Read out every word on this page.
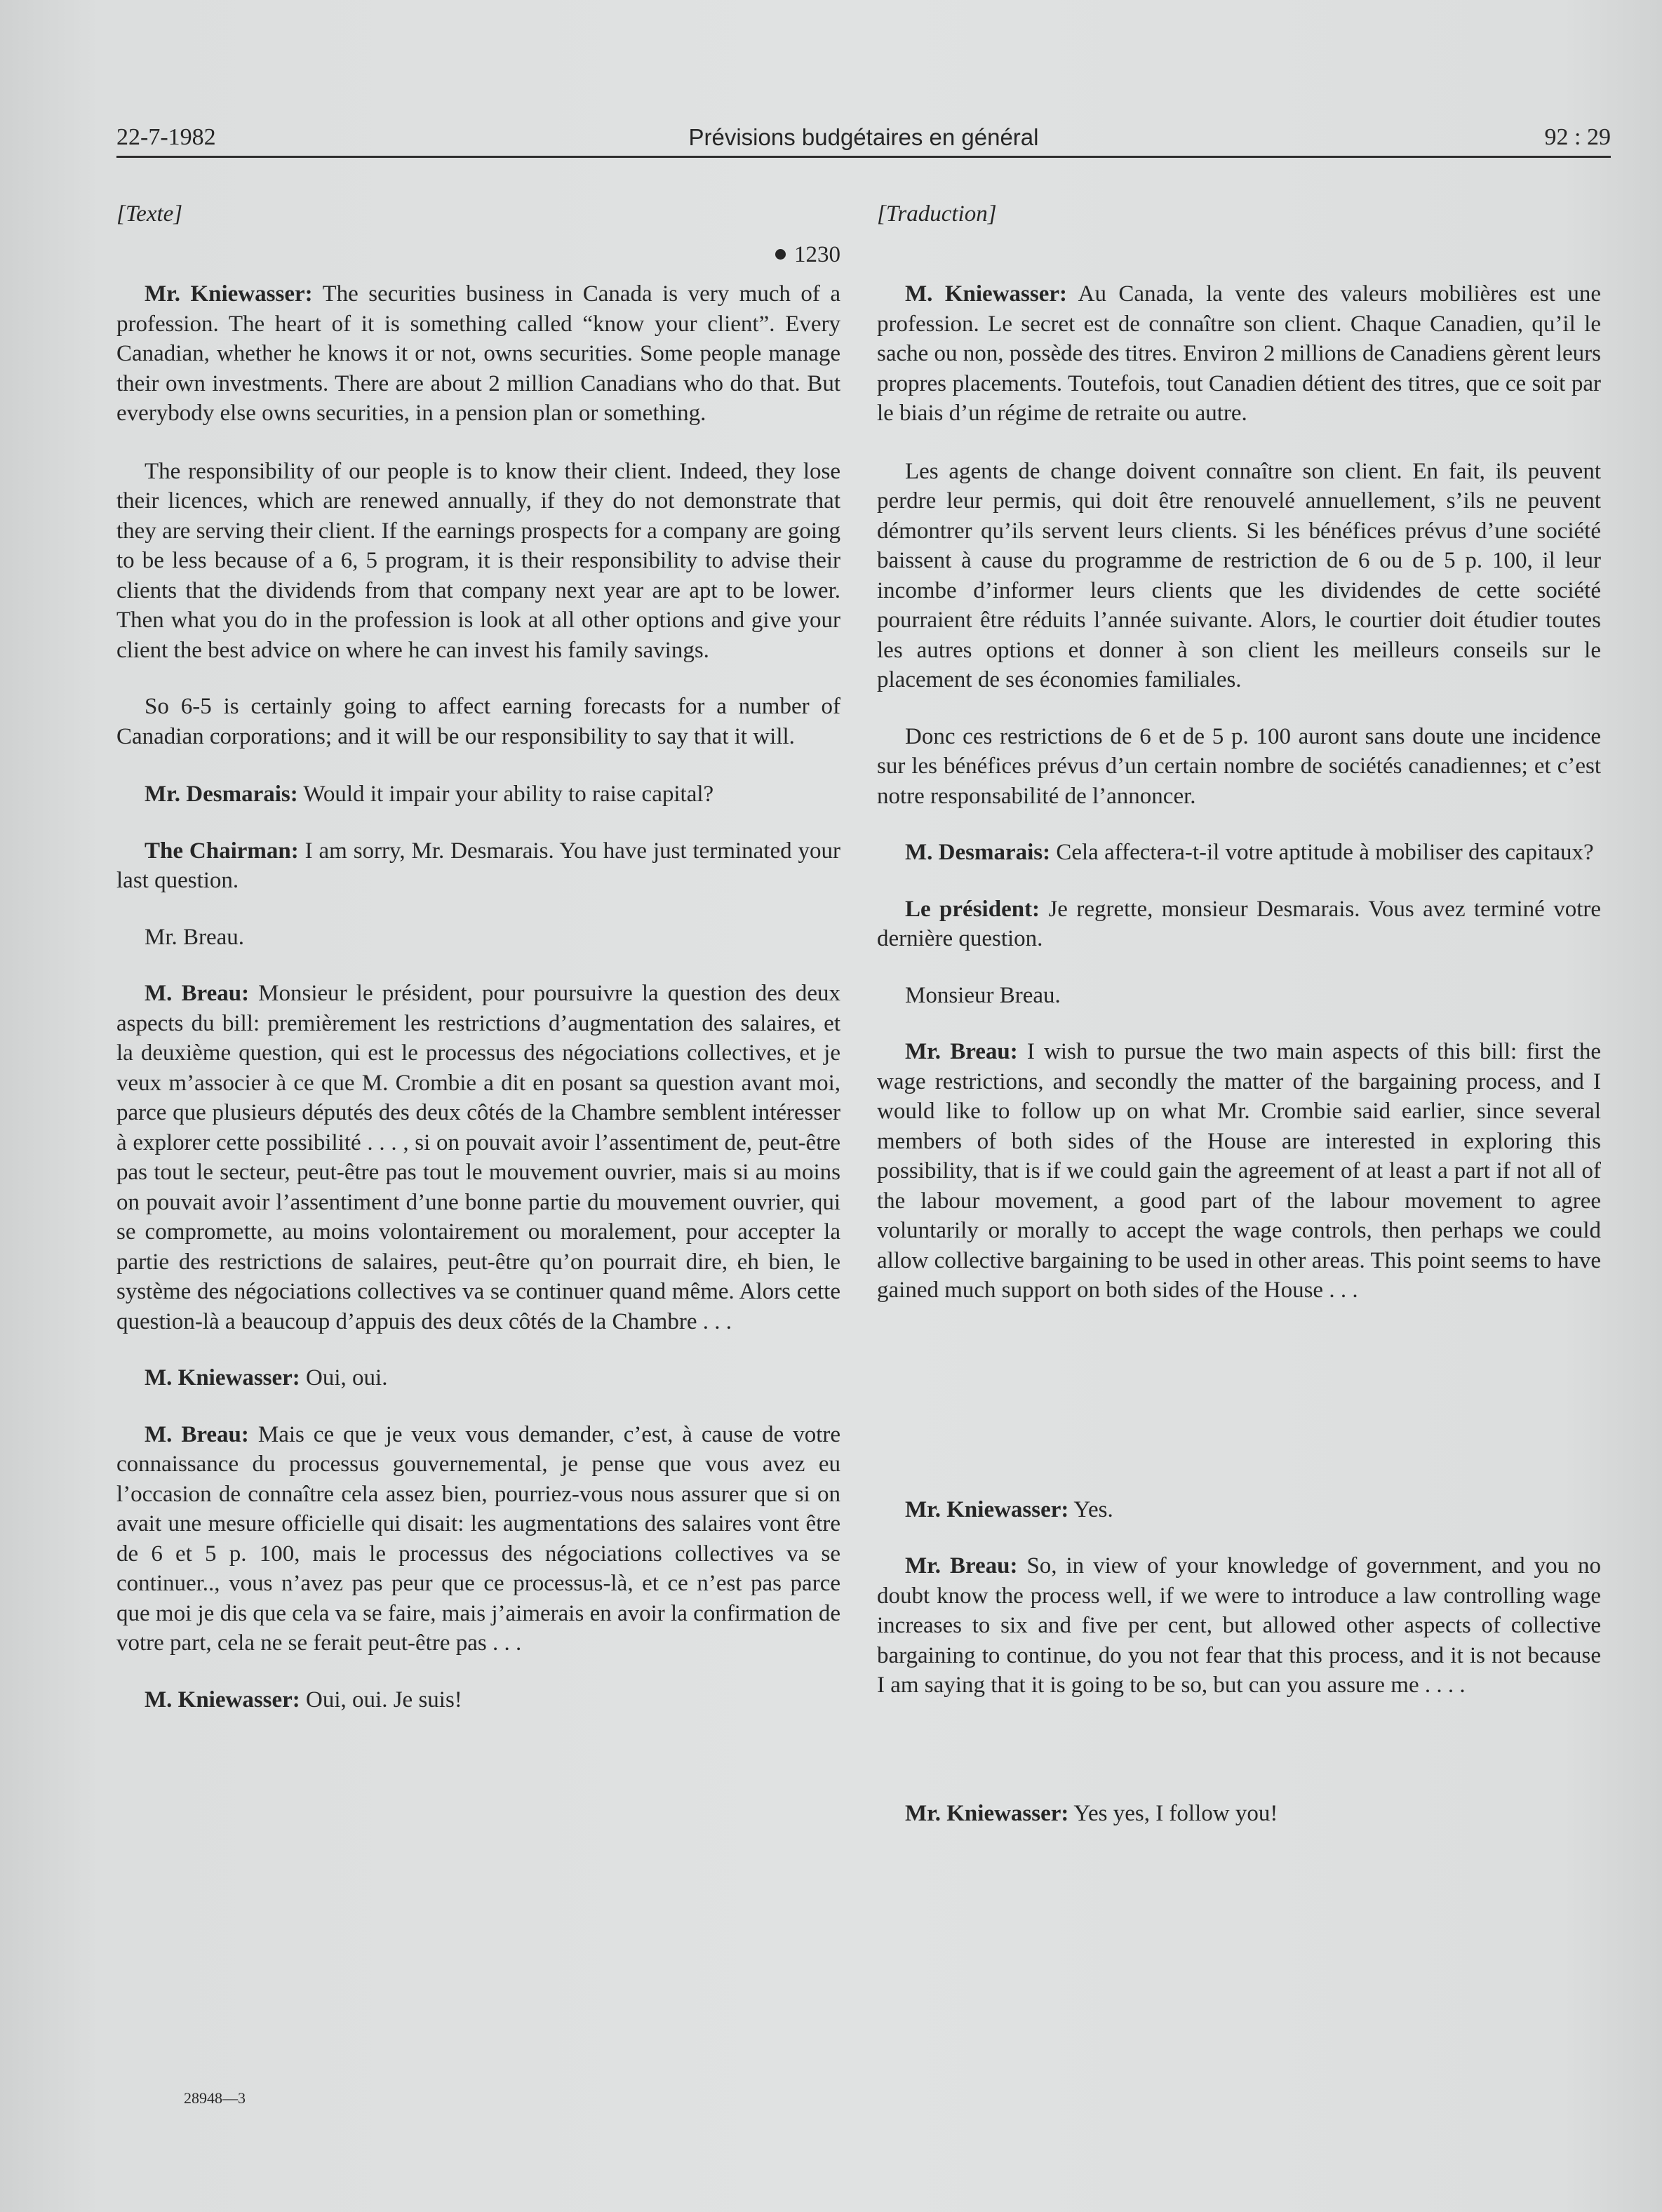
22-7-1982	Prévisions budgétaires en général	92 : 29
[Texte]
1230

Mr. Kniewasser: The securities business in Canada is very much of a profession. The heart of it is something called “know your client”. Every Canadian, whether he knows it or not, owns securities. Some people manage their own investments. There are about 2 million Canadians who do that. But everybody else owns securities, in a pension plan or something.

The responsibility of our people is to know their client. Indeed, they lose their licences, which are renewed annually, if they do not demonstrate that they are serving their client. If the earnings prospects for a company are going to be less because of a 6, 5 program, it is their responsibility to advise their clients that the dividends from that company next year are apt to be lower. Then what you do in the profession is look at all other options and give your client the best advice on where he can invest his family savings.

So 6-5 is certainly going to affect earning forecasts for a number of Canadian corporations; and it will be our responsibility to say that it will.

Mr. Desmarais: Would it impair your ability to raise capital?

The Chairman: I am sorry, Mr. Desmarais. You have just terminated your last question.

Mr. Breau.

M. Breau: Monsieur le président, pour poursuivre la question des deux aspects du bill: premièrement les restrictions d’augmentation des salaires, et la deuxième question, qui est le processus des négociations collectives, et je veux m’associer à ce que M. Crombie a dit en posant sa question avant moi, parce que plusieurs députés des deux côtés de la Chambre semblent intéresser à explorer cette possibilité . . . , si on pouvait avoir l’assentiment de, peut-être pas tout le secteur, peut-être pas tout le mouvement ouvrier, mais si au moins on pouvait avoir l’assentiment d’une bonne partie du mouvement ouvrier, qui se compromette, au moins volontairement ou moralement, pour accepter la partie des restrictions de salaires, peut-être qu’on pourrait dire, eh bien, le système des négociations collectives va se continuer quand même. Alors cette question-là a beaucoup d’appuis des deux côtés de la Chambre . . .

M. Kniewasser: Oui, oui.

M. Breau: Mais ce que je veux vous demander, c’est, à cause de votre connaissance du processus gouvernemental, je pense que vous avez eu l’occasion de connaître cela assez bien, pourriez-vous nous assurer que si on avait une mesure officielle qui disait: les augmentations des salaires vont être de 6 et 5 p. 100, mais le processus des négociations collectives va se continuer.., vous n’avez pas peur que ce processus-là, et ce n’est pas parce que moi je dis que cela va se faire, mais j’aimerais en avoir la confirmation de votre part, cela ne se ferait peut-être pas . . .

M. Kniewasser: Oui, oui. Je suis!

[Traduction]

M. Kniewasser: Au Canada, la vente des valeurs mobilières est une profession. Le secret est de connaître son client. Chaque Canadien, qu’il le sache ou non, possède des titres. Environ 2 millions de Canadiens gèrent leurs propres placements. Toutefois, tout Canadien détient des titres, que ce soit par le biais d’un régime de retraite ou autre.

Les agents de change doivent connaître son client. En fait, ils peuvent perdre leur permis, qui doit être renouvelé annuellement, s’ils ne peuvent démontrer qu’ils servent leurs clients. Si les bénéfices prévus d’une société baissent à cause du programme de restriction de 6 ou de 5 p. 100, il leur incombe d’informer leurs clients que les dividendes de cette société pourraient être réduits l’année suivante. Alors, le courtier doit étudier toutes les autres options et donner à son client les meilleurs conseils sur le placement de ses économies familiales.

Donc ces restrictions de 6 et de 5 p. 100 auront sans doute une incidence sur les bénéfices prévus d’un certain nombre de sociétés canadiennes; et c’est notre responsabilité de l’annoncer.

M. Desmarais: Cela affectera-t-il votre aptitude à mobiliser des capitaux?

Le président: Je regrette, monsieur Desmarais. Vous avez terminé votre dernière question.

Monsieur Breau.

Mr. Breau: I wish to pursue the two main aspects of this bill: first the wage restrictions, and secondly the matter of the bargaining process, and I would like to follow up on what Mr. Crombie said earlier, since several members of both sides of the House are interested in exploring this possibility, that is if we could gain the agreement of at least a part if not all of the labour movement, a good part of the labour movement to agree voluntarily or morally to accept the wage controls, then perhaps we could allow collective bargaining to be used in other areas. This point seems to have gained much support on both sides of the House . . .

Mr. Kniewasser: Yes.

Mr. Breau: So, in view of your knowledge of government, and you no doubt know the process well, if we were to introduce a law controlling wage increases to six and five per cent, but allowed other aspects of collective bargaining to continue, do you not fear that this process, and it is not because I am saying that it is going to be so, but can you assure me . . . .

Mr. Kniewasser: Yes yes, I follow you!

28948—3
